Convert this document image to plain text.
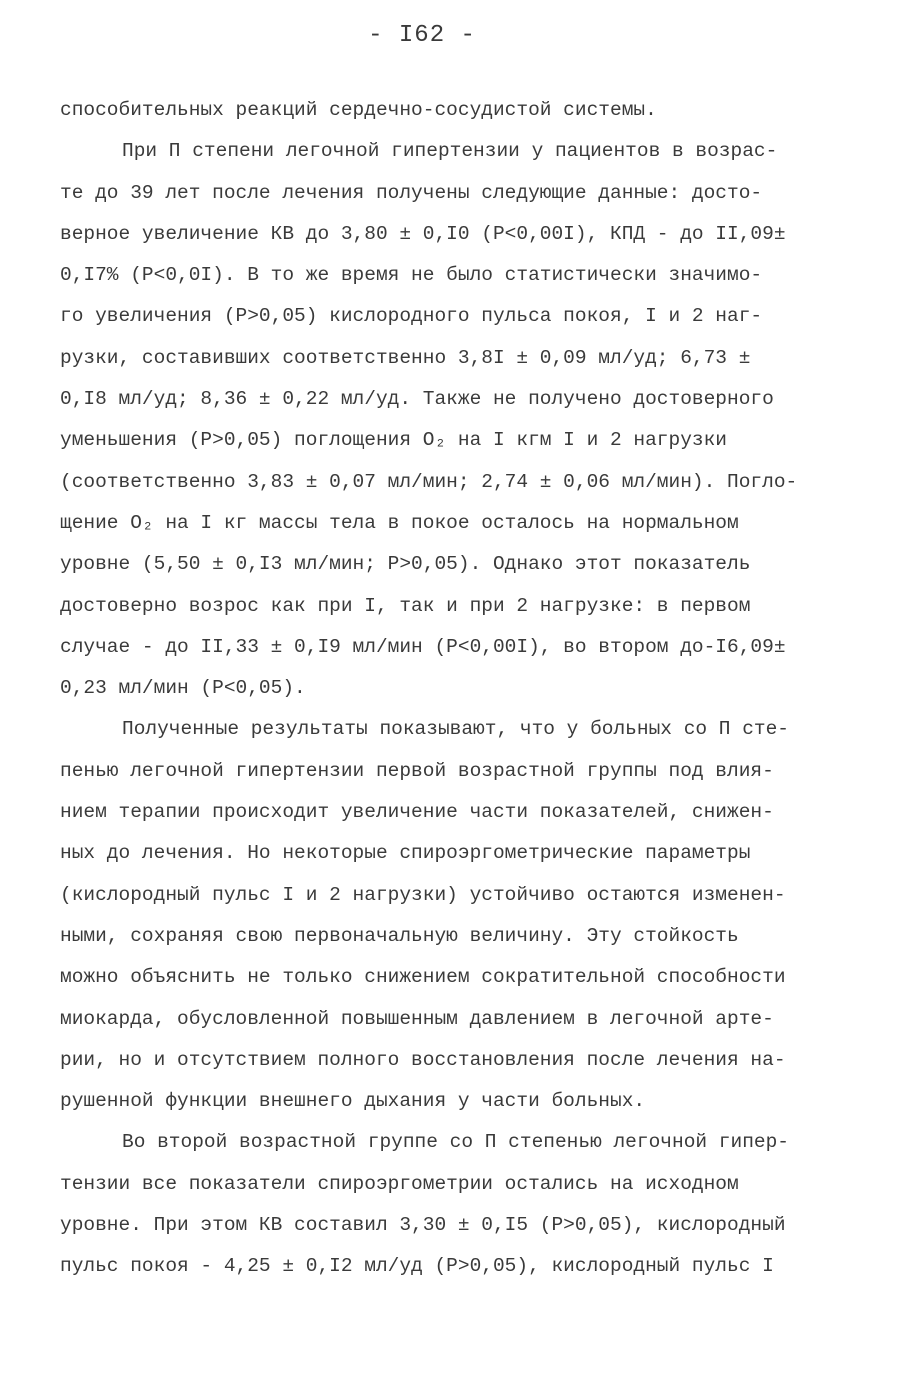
- I62 -
способительных реакций сердечно-сосудистой системы.
При П степени легочной гипертензии у пациентов в возрас-
те до 39 лет после лечения получены следующие данные: досто-
верное увеличение КВ до 3,80 ± 0,I0 (P<0,00I), КПД - до II,09±
0,I7% (P<0,0I). В то же время не было статистически значимо-
го увеличения (P>0,05) кислородного пульса покоя, I и 2 наг-
рузки, составивших соответственно 3,8I ± 0,09 мл/уд; 6,73 ±
0,I8 мл/уд; 8,36 ± 0,22 мл/уд. Также не получено достоверного
уменьшения (P>0,05) поглощения O₂ на I кгм I и 2 нагрузки
(соответственно 3,83 ± 0,07 мл/мин; 2,74 ± 0,06 мл/мин). Погло-
щение O₂ на I кг массы тела в покое осталось на нормальном
уровне (5,50 ± 0,I3 мл/мин; P>0,05). Однако этот показатель
достоверно возрос как при I, так и при 2 нагрузке: в первом
случае - до II,33 ± 0,I9 мл/мин (P<0,00I), во втором до-I6,09±
0,23 мл/мин (P<0,05).
Полученные результаты показывают, что у больных со П сте-
пенью легочной гипертензии первой возрастной группы под влия-
нием терапии происходит увеличение части показателей, снижен-
ных до лечения. Но некоторые спироэргометрические параметры
(кислородный пульс I и 2 нагрузки) устойчиво остаются изменен-
ными, сохраняя свою первоначальную величину. Эту стойкость
можно объяснить не только снижением сократительной способности
миокарда, обусловленной повышенным давлением в легочной арте-
рии, но и отсутствием полного восстановления после лечения на-
рушенной функции внешнего дыхания у части больных.
Во второй возрастной группе со П степенью легочной гипер-
тензии все показатели спироэргометрии остались на исходном
уровне. При этом КВ составил 3,30 ± 0,I5 (P>0,05), кислородный
пульс покоя - 4,25 ± 0,I2 мл/уд (P>0,05), кислородный пульс I
